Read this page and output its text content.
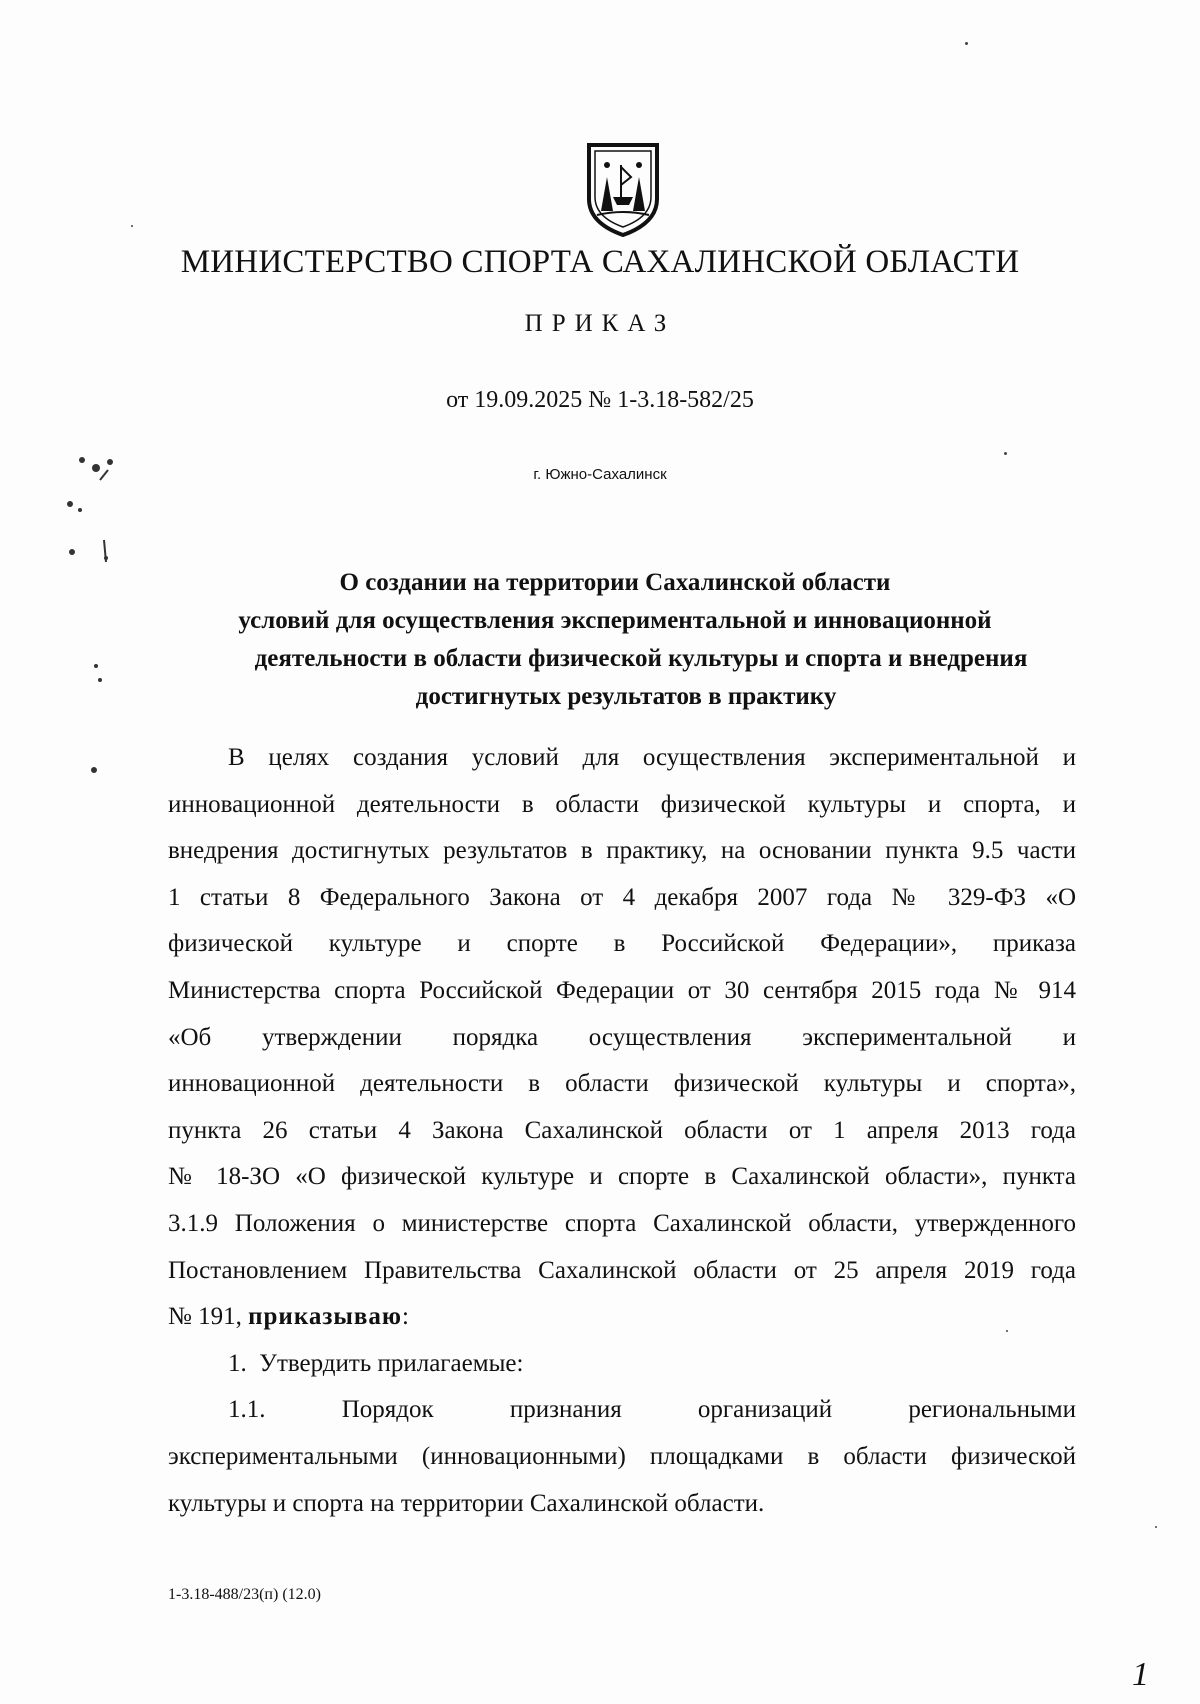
МИНИСТЕРСТВО СПОРТА САХАЛИНСКОЙ ОБЛАСТИ
ПРИКАЗ
от 19.09.2025 № 1-3.18-582/25
г. Южно-Сахалинск
О создании на территории Сахалинской области
условий для осуществления экспериментальной и инновационной
деятельности в области физической культуры и спорта и внедрения
достигнутых результатов в практику
В целях создания условий для осуществления экспериментальной и
инновационной деятельности в области физической культуры и спорта, и
внедрения достигнутых результатов в практику, на основании пункта 9.5 части
1 статьи 8 Федерального Закона от 4 декабря 2007 года № 329-ФЗ «О
физической культуре и спорте в Российской Федерации», приказа
Министерства спорта Российской Федерации от 30 сентября 2015 года № 914
«Об утверждении порядка осуществления экспериментальной и
инновационной деятельности в области физической культуры и спорта»,
пункта 26 статьи 4 Закона Сахалинской области от 1 апреля 2013 года
№ 18-ЗО «О физической культуре и спорте в Сахалинской области», пункта
3.1.9 Положения о министерстве спорта Сахалинской области, утвержденного
Постановлением Правительства Сахалинской области от 25 апреля 2019 года
№ 191, приказываю:
1.  Утвердить прилагаемые:
1.1. Порядок признания организаций региональными
экспериментальными (инновационными) площадками в области физической
культуры и спорта на территории Сахалинской области.
1-3.18-488/23(п) (12.0)
1
